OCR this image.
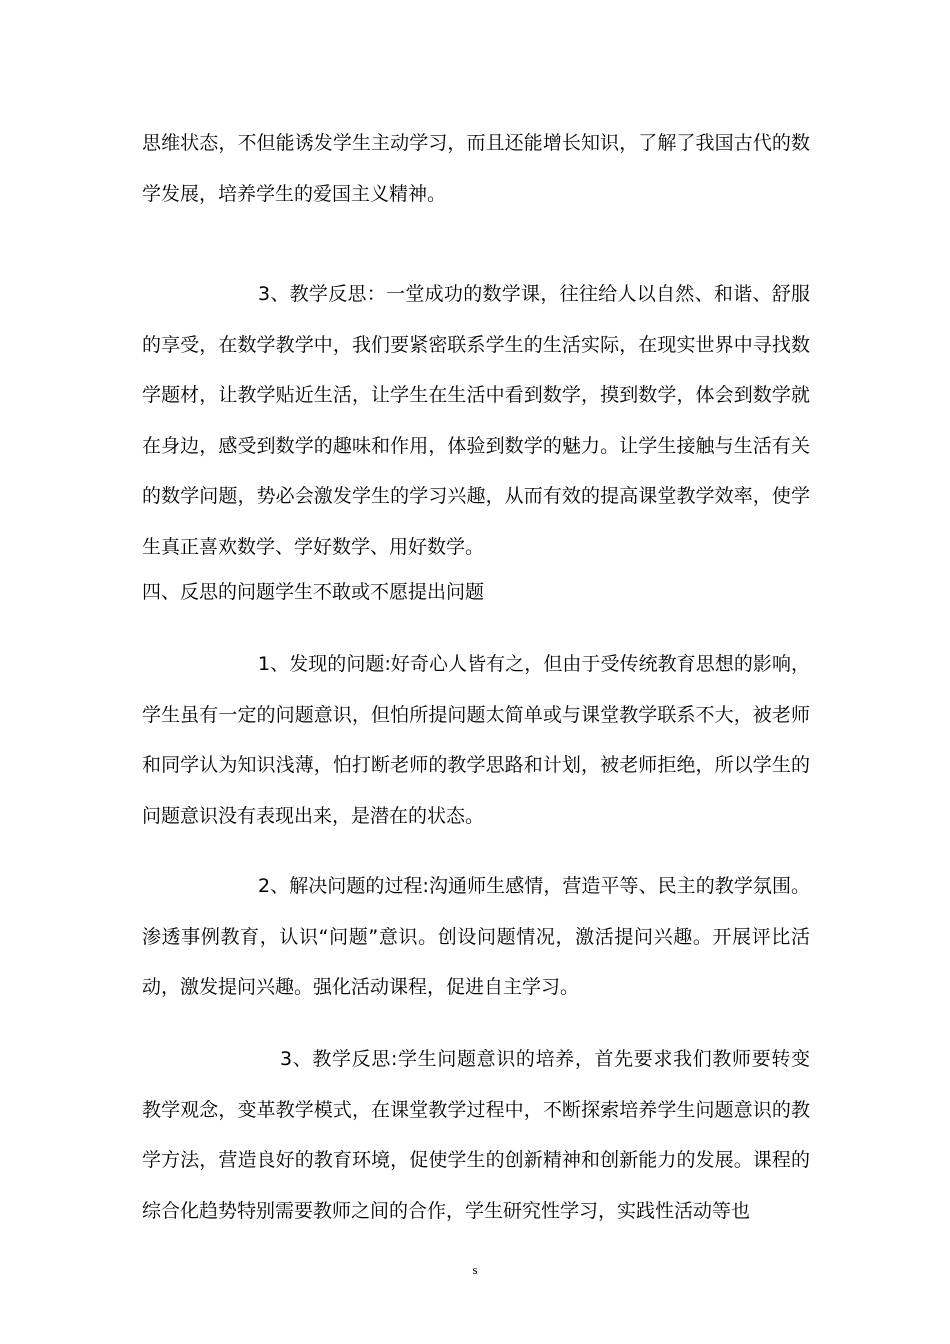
思维状态，不但能诱发学生主动学习，而且还能增长知识，了解了我国古代的数学发展，培养学生的爱国主义精神。

3、教学反思：一堂成功的数学课，往往给人以自然、和谐、舒服的享受，在数学教学中，我们要紧密联系学生的生活实际，在现实世界中寻找数学题材，让教学贴近生活，让学生在生活中看到数学，摸到数学，体会到数学就在身边，感受到数学的趣味和作用，体验到数学的魅力。让学生接触与生活有关的数学问题，势必会激发学生的学习兴趣，从而有效的提高课堂教学效率，使学生真正喜欢数学、学好数学、用好数学。

四、反思的问题学生不敢或不愿提出问题

1、发现的问题:好奇心人皆有之，但由于受传统教育思想的影响，学生虽有一定的问题意识，但怕所提问题太简单或与课堂教学联系不大，被老师和同学认为知识浅薄，怕打断老师的教学思路和计划，被老师拒绝，所以学生的问题意识没有表现出来，是潜在的状态。

2、解决问题的过程:沟通师生感情，营造平等、民主的教学氛围。渗透事例教育，认识“问题”意识。创设问题情况，激活提问兴趣。开展评比活动，激发提问兴趣。强化活动课程，促进自主学习。

3、教学反思:学生问题意识的培养，首先要求我们教师要转变教学观念，变革教学模式，在课堂教学过程中，不断探索培养学生问题意识的教学方法，营造良好的教育环境，促使学生的创新精神和创新能力的发展。课程的综合化趋势特别需要教师之间的合作，学生研究性学习，实践性活动等也

s
